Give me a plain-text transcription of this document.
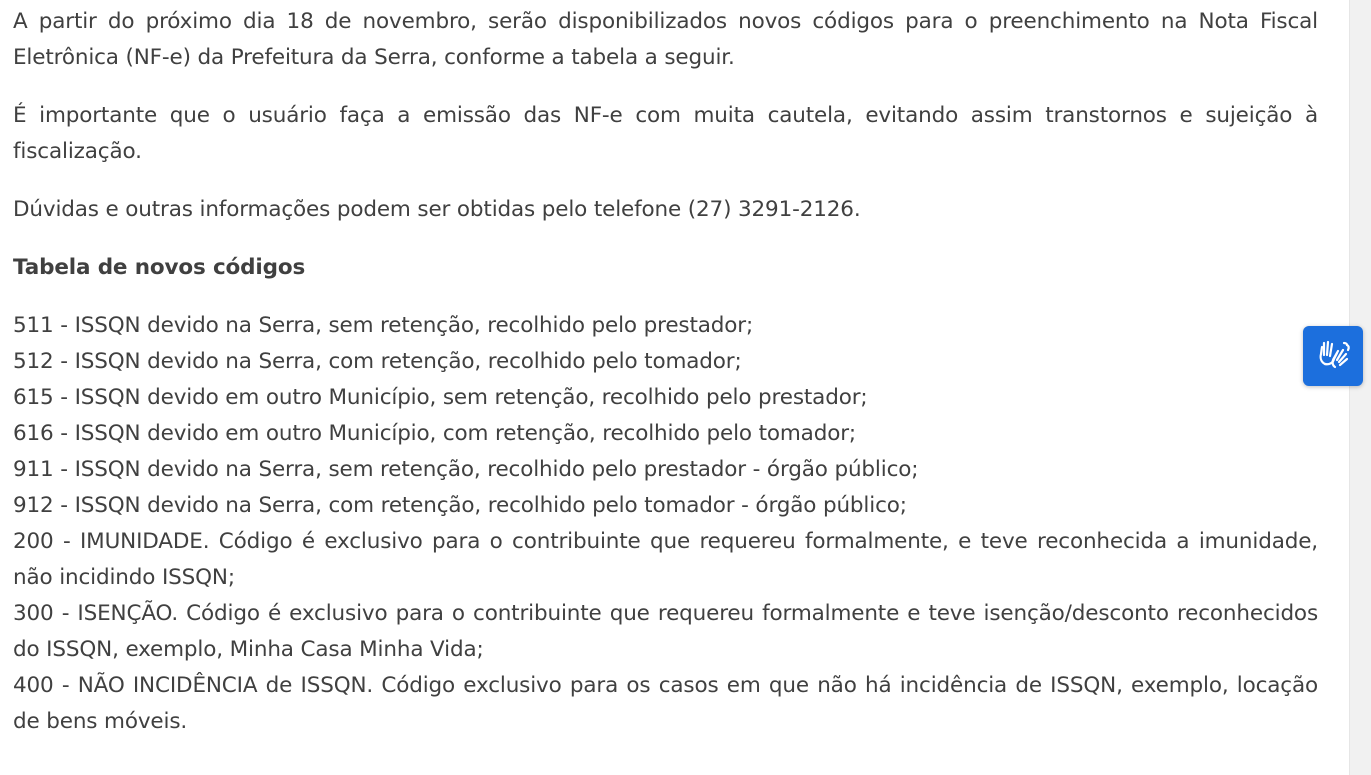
A partir do próximo dia 18 de novembro, serão disponibilizados novos códigos para o preenchimento na Nota Fiscal Eletrônica (NF-e) da Prefeitura da Serra, conforme a tabela a seguir.

É importante que o usuário faça a emissão das NF-e com muita cautela, evitando assim transtornos e sujeição à fiscalização.

Dúvidas e outras informações podem ser obtidas pelo telefone (27) 3291-2126.

Tabela de novos códigos
511 - ISSQN devido na Serra, sem retenção, recolhido pelo prestador;
512 - ISSQN devido na Serra, com retenção, recolhido pelo tomador;
615 - ISSQN devido em outro Município, sem retenção, recolhido pelo prestador;
616 - ISSQN devido em outro Município, com retenção, recolhido pelo tomador;
911 - ISSQN devido na Serra, sem retenção, recolhido pelo prestador - órgão público;
912 - ISSQN devido na Serra, com retenção, recolhido pelo tomador - órgão público;
200 - IMUNIDADE. Código é exclusivo para o contribuinte que requereu formalmente, e teve reconhecida a imunidade, não incidindo ISSQN;
300 - ISENÇÃO. Código é exclusivo para o contribuinte que requereu formalmente e teve isenção/desconto reconhecidos do ISSQN, exemplo, Minha Casa Minha Vida;
400 - NÃO INCIDÊNCIA de ISSQN. Código exclusivo para os casos em que não há incidência de ISSQN, exemplo, locação de bens móveis.
